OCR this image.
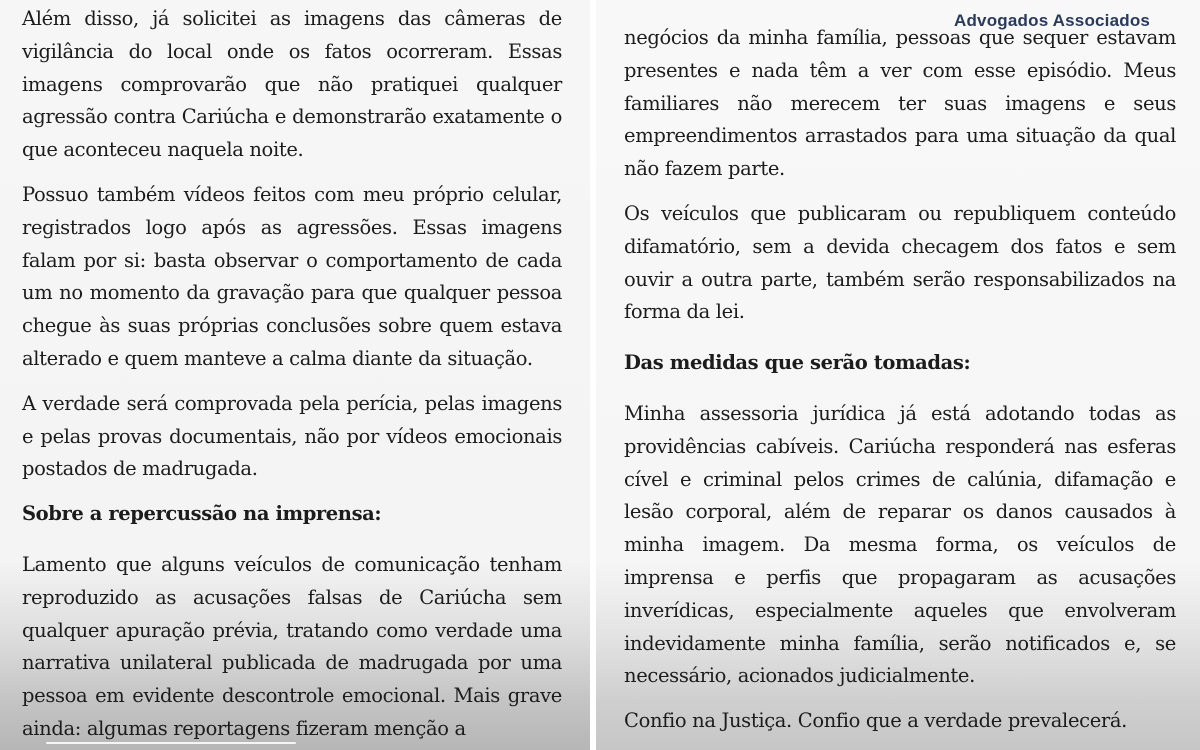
Além disso, já solicitei as imagens das câmeras de vigilância do local onde os fatos ocorreram. Essas imagens comprovarão que não pratiquei qualquer agressão contra Cariúcha e demonstrarão exatamente o que aconteceu naquela noite.

Possuo também vídeos feitos com meu próprio celular, registrados logo após as agressões. Essas imagens falam por si: basta observar o comportamento de cada um no momento da gravação para que qualquer pessoa chegue às suas próprias conclusões sobre quem estava alterado e quem manteve a calma diante da situação.

A verdade será comprovada pela perícia, pelas imagens e pelas provas documentais, não por vídeos emocionais postados de madrugada.

Sobre a repercussão na imprensa:

Lamento que alguns veículos de comunicação tenham reproduzido as acusações falsas de Cariúcha sem qualquer apuração prévia, tratando como verdade uma narrativa unilateral publicada de madrugada por uma pessoa em evidente descontrole emocional. Mais grave ainda: algumas reportagens fizeram menção a

Advogados Associados

negócios da minha família, pessoas que sequer estavam presentes e nada têm a ver com esse episódio. Meus familiares não merecem ter suas imagens e seus empreendimentos arrastados para uma situação da qual não fazem parte.

Os veículos que publicaram ou republiquem conteúdo difamatório, sem a devida checagem dos fatos e sem ouvir a outra parte, também serão responsabilizados na forma da lei.

Das medidas que serão tomadas:

Minha assessoria jurídica já está adotando todas as providências cabíveis. Cariúcha responderá nas esferas cível e criminal pelos crimes de calúnia, difamação e lesão corporal, além de reparar os danos causados à minha imagem. Da mesma forma, os veículos de imprensa e perfis que propagaram as acusações inverídicas, especialmente aqueles que envolveram indevidamente minha família, serão notificados e, se necessário, acionados judicialmente.

Confio na Justiça. Confio que a verdade prevalecerá.
